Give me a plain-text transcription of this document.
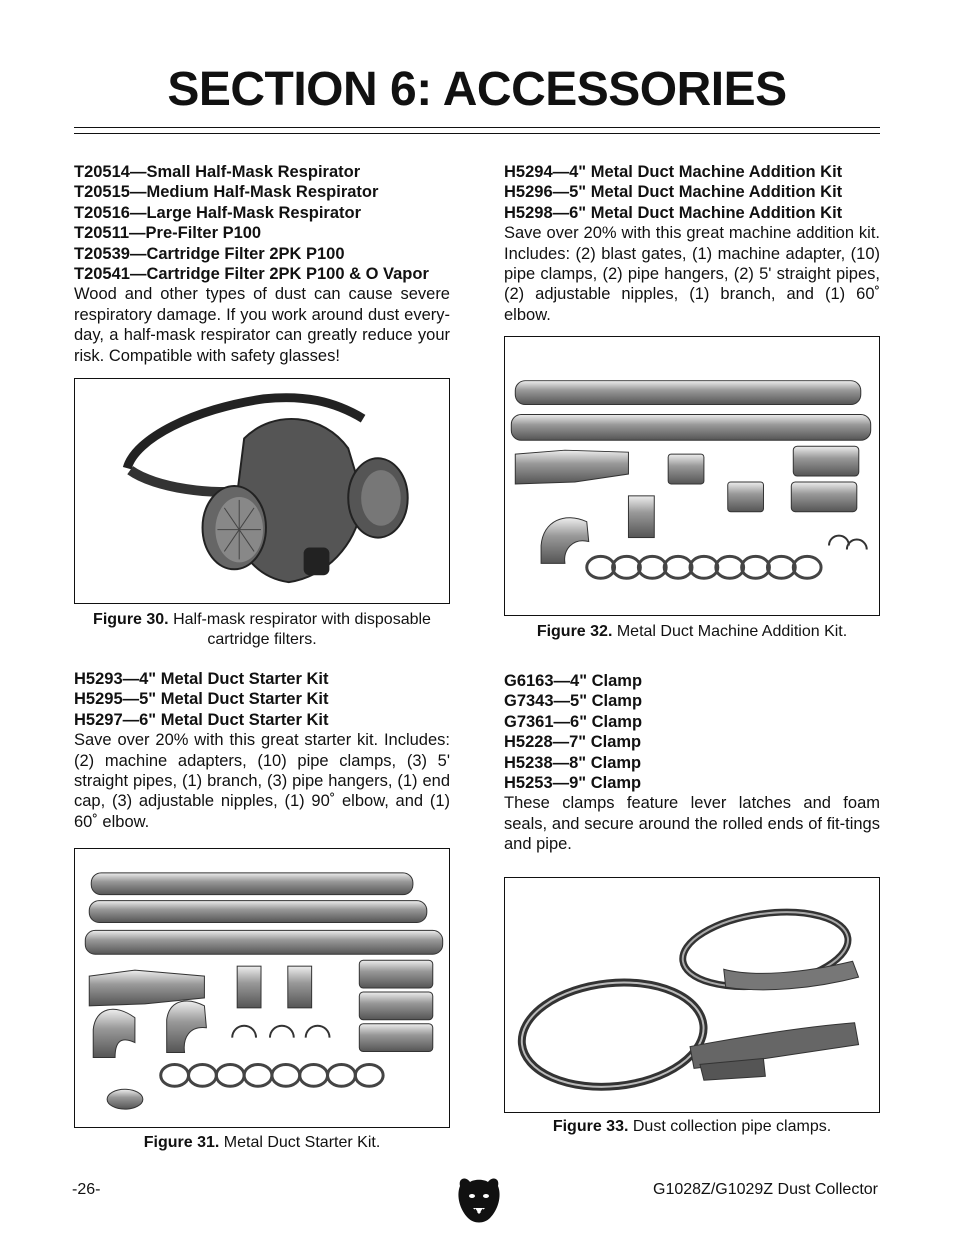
SECTION 6: ACCESSORIES
T20514—Small Half-Mask Respirator
T20515—Medium Half-Mask Respirator
T20516—Large Half-Mask Respirator
T20511—Pre-Filter P100
T20539—Cartridge Filter 2PK P100
T20541—Cartridge Filter 2PK P100 & O Vapor

Wood and other types of dust can cause severe respiratory damage. If you work around dust every-day, a half-mask respirator can greatly reduce your risk. Compatible with safety glasses!

Figure 30. Half-mask respirator with disposable cartridge filters.
H5293—4" Metal Duct Starter Kit
H5295—5" Metal Duct Starter Kit
H5297—6" Metal Duct Starter Kit

Save over 20% with this great starter kit. Includes: (2) machine adapters, (10) pipe clamps, (3) 5' straight pipes, (1) branch, (3) pipe hangers, (1) end cap, (3) adjustable nipples, (1) 90˚ elbow, and (1) 60˚ elbow.

Figure 31. Metal Duct Starter Kit.
H5294—4" Metal Duct Machine Addition Kit
H5296—5" Metal Duct Machine Addition Kit
H5298—6" Metal Duct Machine Addition Kit

Save over 20% with this great machine addition kit. Includes: (2) blast gates, (1) machine adapter, (10) pipe clamps, (2) pipe hangers, (2) 5' straight pipes, (2) adjustable nipples, (1) branch, and (1) 60˚ elbow.

Figure 32. Metal Duct Machine Addition Kit.
G6163—4" Clamp
G7343—5" Clamp
G7361—6" Clamp
H5228—7" Clamp
H5238—8" Clamp
H5253—9" Clamp

These clamps feature lever latches and foam seals, and secure around the rolled ends of fit-tings and pipe.

Figure 33. Dust collection pipe clamps.
-26-	G1028Z/G1029Z Dust Collector
